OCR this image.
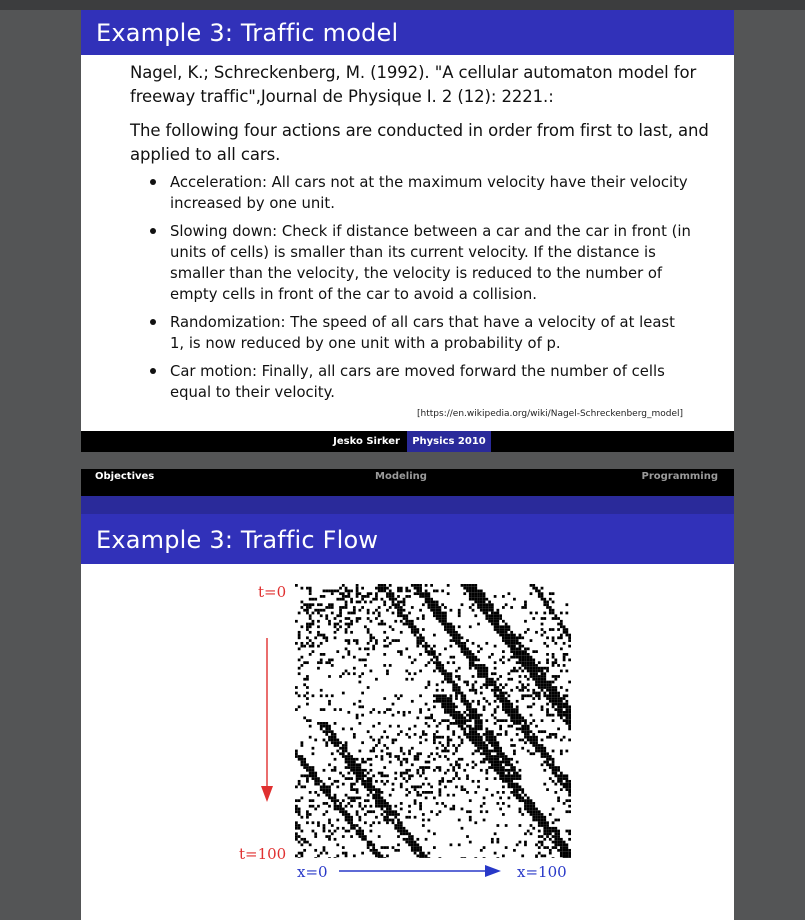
Example 3: Traffic model
Nagel, K.; Schreckenberg, M. (1992). "A cellular automaton model for freeway traffic",Journal de Physique I. 2 (12): 2221.:
The following four actions are conducted in order from first to last, and applied to all cars.
Acceleration: All cars not at the maximum velocity have their velocity increased by one unit.
Slowing down: Check if distance between a car and the car in front (in units of cells) is smaller than its current velocity. If the distance is smaller than the velocity, the velocity is reduced to the number of empty cells in front of the car to avoid a collision.
Randomization: The speed of all cars that have a velocity of at least 1, is now reduced by one unit with a probability of p.
Car motion: Finally, all cars are moved forward the number of cells equal to their velocity.
[https://en.wikipedia.org/wiki/Nagel-Schreckenberg_model]
Jesko Sirker	Physics 2010
Objectives	Modeling	Programming
Example 3: Traffic Flow
t=0
t=100
x=0	x=100
